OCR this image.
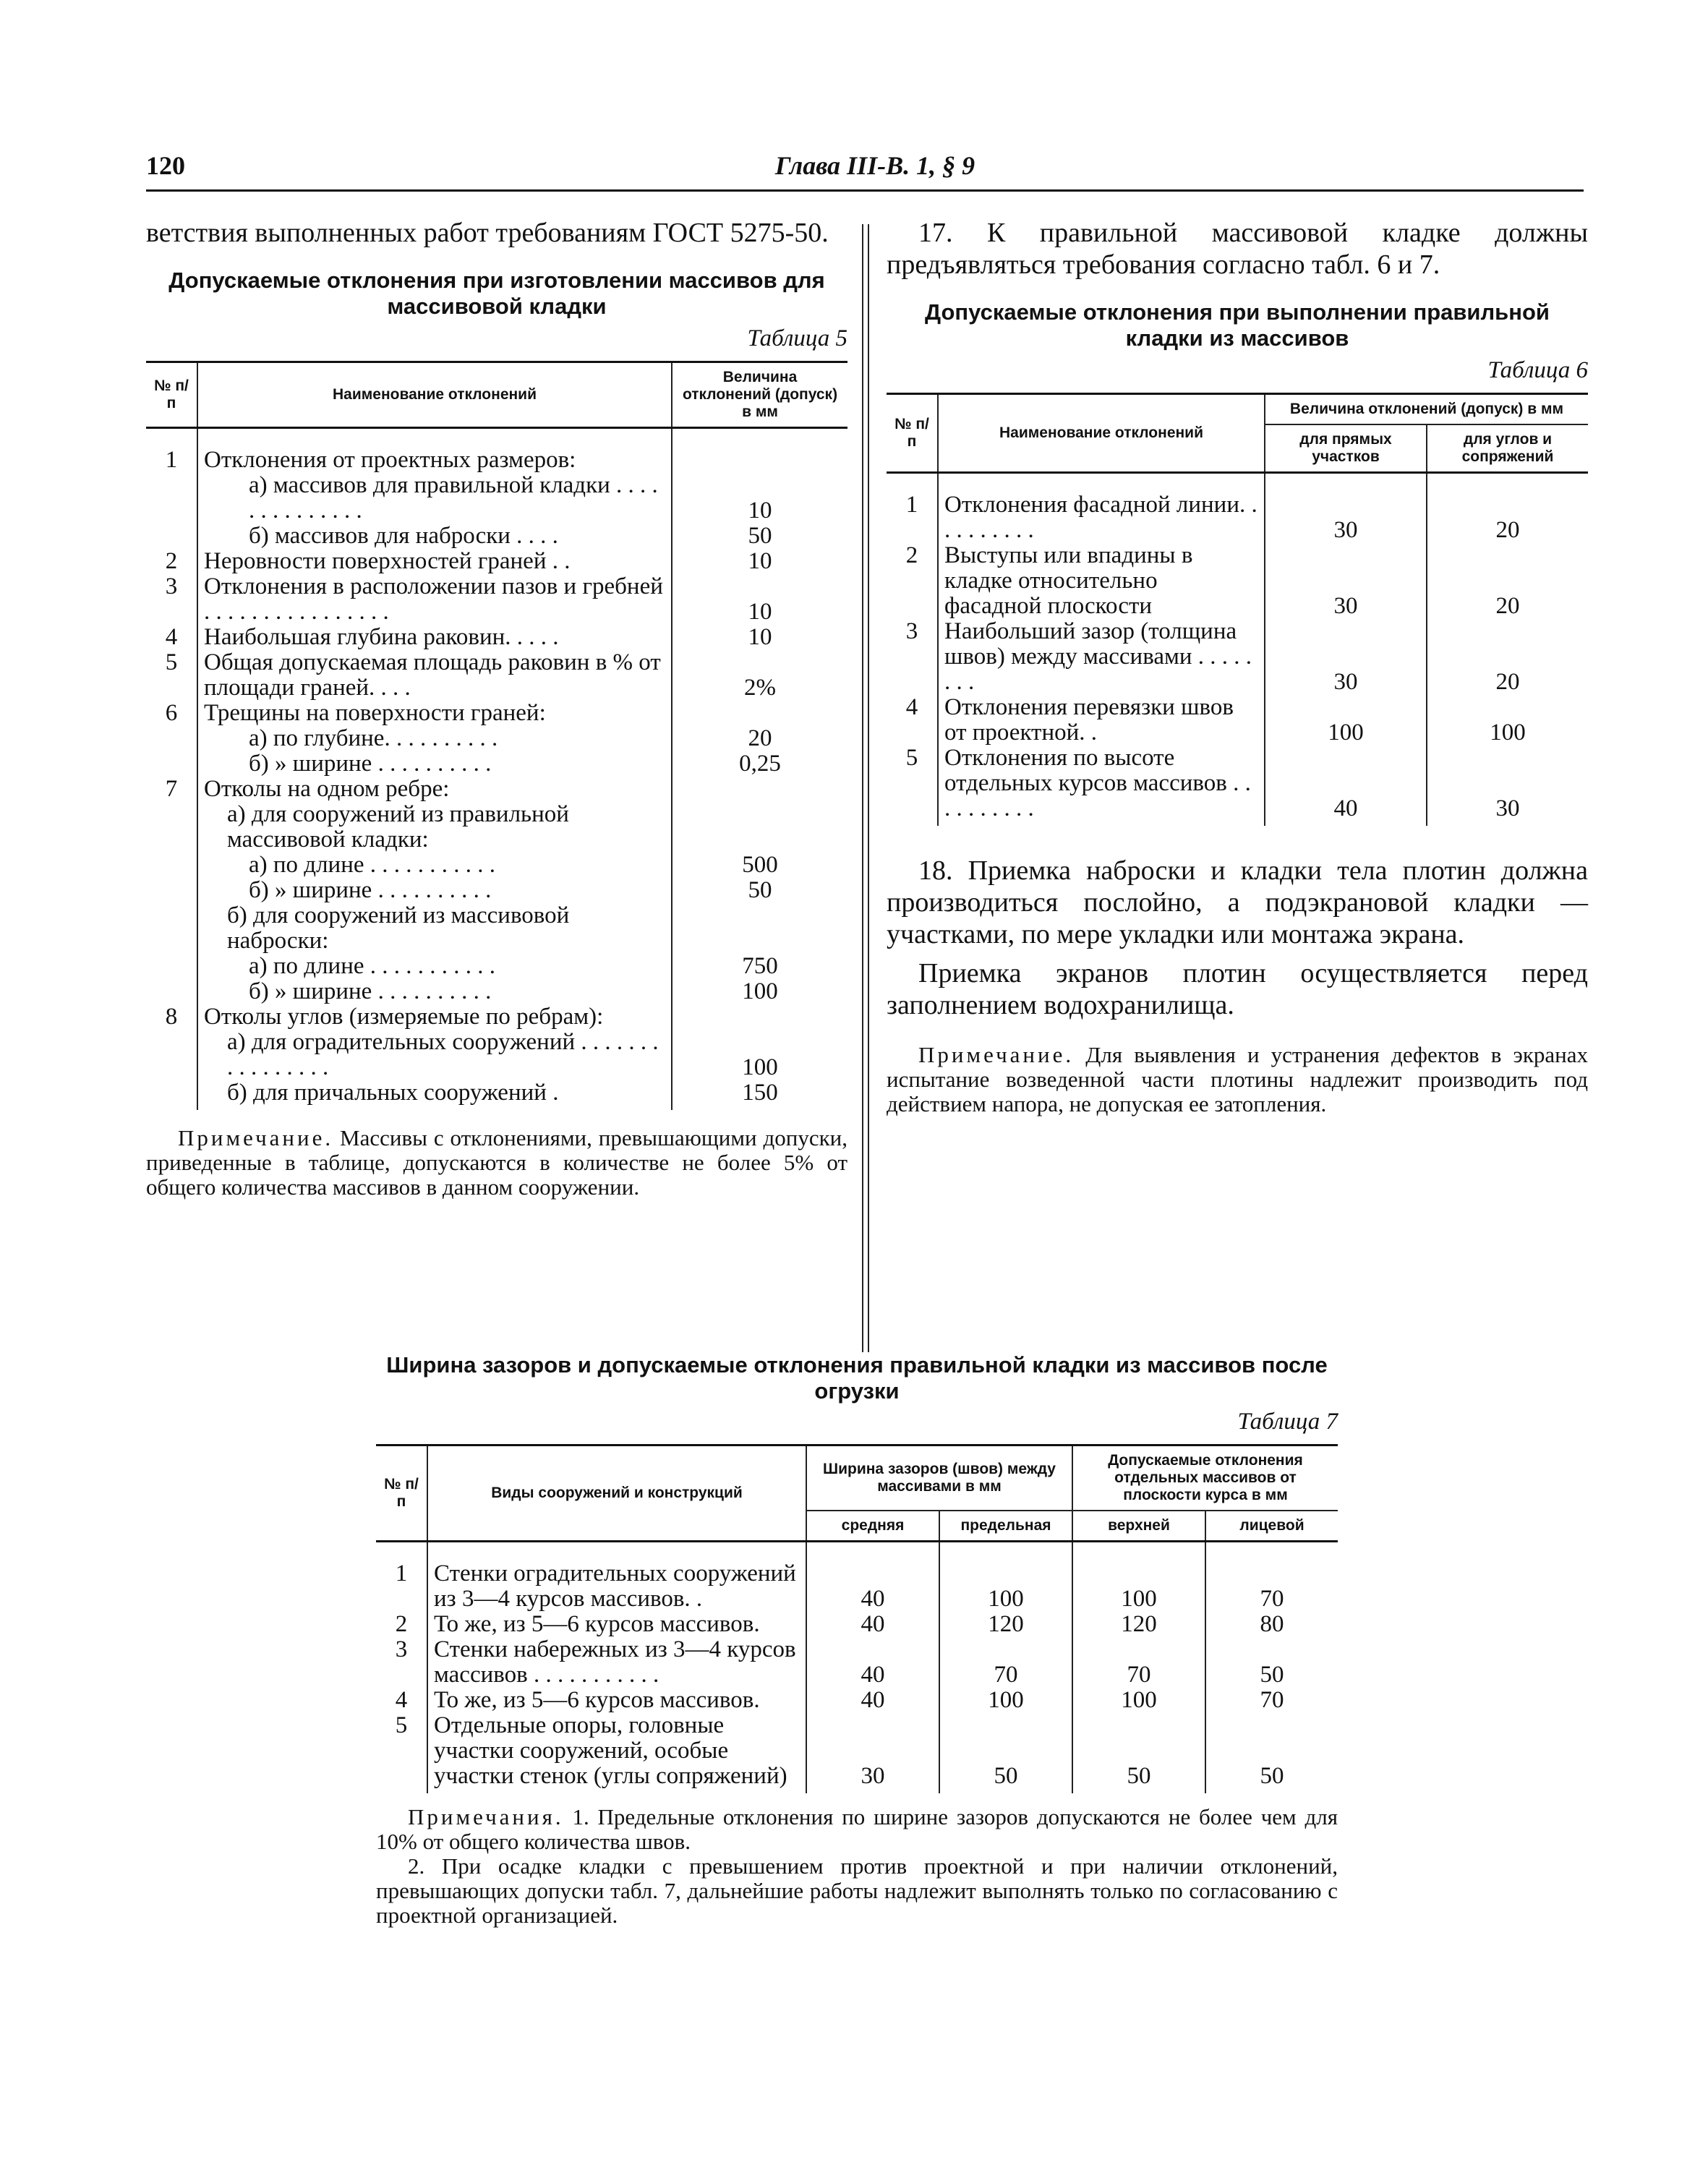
120	Глава III-В. 1, § 9

ветствия выполненных работ требованиям ГОСТ 5275-50.

Допускаемые отклонения при изготовлении массивов для массивовой кладки
Таблица 5
№ п/п	Наименование отклонений	Величина отклонений (допуск) в мм
1	Отклонения от проектных размеров:	
	а) массивов для правильной кладки . . . . . . . . . . . . . .	10
	б) массивов для наброски . . . .	50
2	Неровности поверхностей граней . .	10
3	Отклонения в расположении пазов и гребней . . . . . . . . . . . . . . . .	10
4	Наибольшая глубина раковин. . . . .	10
5	Общая допускаемая площадь раковин в % от площади граней. . . .	2%
6	Трещины на поверхности граней:	
	а) по глубине. . . . . . . . . .	20
	б) » ширине . . . . . . . . . .	0,25
7	Отколы на одном ребре:	
	а) для сооружений из правильной массивовой кладки:	
	а) по длине . . . . . . . . . . .	500
	б) » ширине . . . . . . . . . .	50
	б) для сооружений из массивовой наброски:	
	а) по длине . . . . . . . . . . .	750
	б) » ширине . . . . . . . . . .	100
8	Отколы углов (измеряемые по ребрам):	
	а) для оградительных сооружений . . . . . . . . . . . . . . . .	100
	б) для причальных сооружений .	150

Примечание. Массивы с отклонениями, превышающими допуски, приведенные в таблице, допускаются в количестве не более 5% от общего количества массивов в данном сооружении.

17. К правильной массивовой кладке должны предъявляться требования согласно табл. 6 и 7.

Допускаемые отклонения при выполнении правильной кладки из массивов
Таблица 6
№ п/п	Наименование отклонений	Величина отклонений (допуск) в мм	
		для прямых участков	для углов и сопряжений
1	Отклонения фасадной линии. . . . . . . . . .	30	20
2	Выступы или впадины в кладке относительно фасадной плоскости	30	20
3	Наибольший зазор (толщина швов) между массивами . . . . . . . .	30	20
4	Отклонения перевязки швов от проектной. .	100	100
5	Отклонения по высоте отдельных курсов массивов . . . . . . . . . .	40	30

18. Приемка наброски и кладки тела плотин должна производиться послойно, а подэкрановой кладки — участками, по мере укладки или монтажа экрана.

Приемка экранов плотин осуществляется перед заполнением водохранилища.

Примечание. Для выявления и устранения дефектов в экранах испытание возведенной части плотины надлежит производить под действием напора, не допуская ее затопления.

Ширина зазоров и допускаемые отклонения правильной кладки из массивов после огрузки
Таблица 7
№ п/п	Виды сооружений и конструкций	Ширина зазоров (швов) между массивами в мм		Допускаемые отклонения отдельных массивов от плоскости курса в мм	
		средняя	предельная	верхней	лицевой
1	Стенки оградительных сооружений из 3—4 курсов массивов. .	40	100	100	70
2	То же, из 5—6 курсов массивов.	40	120	120	80
3	Стенки набережных из 3—4 курсов массивов . . . . . . . . . . .	40	70	70	50
4	То же, из 5—6 курсов массивов.	40	100	100	70
5	Отдельные опоры, головные участки сооружений, особые участки стенок (углы сопряжений)	30	50	50	50

Примечания. 1. Предельные отклонения по ширине зазоров допускаются не более чем для 10% от общего количества швов.

2. При осадке кладки с превышением против проектной и при наличии отклонений, превышающих допуски табл. 7, дальнейшие работы надлежит выполнять только по согласованию с проектной организацией.
